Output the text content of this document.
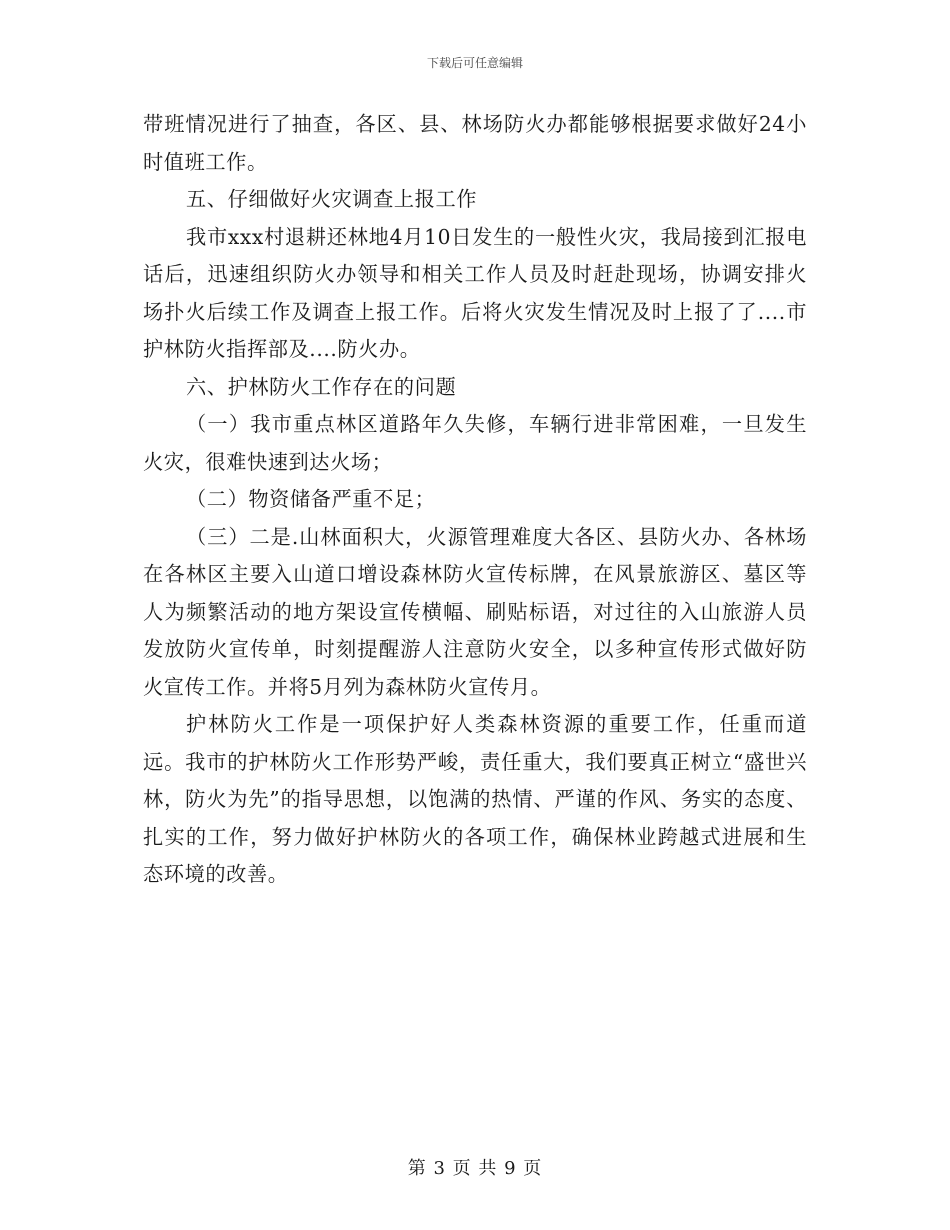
下载后可任意编辑

带班情况进行了抽查，各区、县、林场防火办都能够根据要求做好24小时值班工作。

五、仔细做好火灾调查上报工作

我市xxx村退耕还林地4月10日发生的一般性火灾，我局接到汇报电话后，迅速组织防火办领导和相关工作人员及时赶赴现场，协调安排火场扑火后续工作及调查上报工作。后将火灾发生情况及时上报了了....市护林防火指挥部及....防火办。

六、护林防火工作存在的问题

（一）我市重点林区道路年久失修，车辆行进非常困难，一旦发生火灾，很难快速到达火场；

（二）物资储备严重不足；

（三）二是.山林面积大，火源管理难度大各区、县防火办、各林场在各林区主要入山道口增设森林防火宣传标牌，在风景旅游区、墓区等人为频繁活动的地方架设宣传横幅、刷贴标语，对过往的入山旅游人员发放防火宣传单，时刻提醒游人注意防火安全，以多种宣传形式做好防火宣传工作。并将5月列为森林防火宣传月。

护林防火工作是一项保护好人类森林资源的重要工作，任重而道远。我市的护林防火工作形势严峻，责任重大，我们要真正树立“盛世兴林，防火为先”的指导思想，以饱满的热情、严谨的作风、务实的态度、扎实的工作，努力做好护林防火的各项工作，确保林业跨越式进展和生态环境的改善。

第 3 页 共 9 页
